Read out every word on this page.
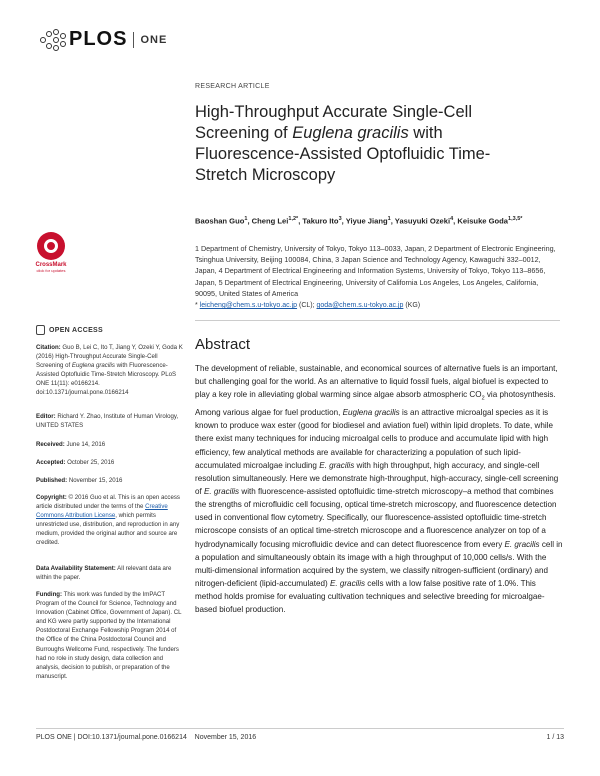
PLOS ONE
RESEARCH ARTICLE
High-Throughput Accurate Single-Cell Screening of Euglena gracilis with Fluorescence-Assisted Optofluidic Time-Stretch Microscopy
Baoshan Guo$^1$, Cheng Lei$^{1,2*}$, Takuro Ito$^3$, Yiyue Jiang$^1$, Yasuyuki Ozeki$^4$, Keisuke Goda$^{1,3,5*}$
1 Department of Chemistry, University of Tokyo, Tokyo 113–0033, Japan, 2 Department of Electronic Engineering, Tsinghua University, Beijing 100084, China, 3 Japan Science and Technology Agency, Kawaguchi 332–0012, Japan, 4 Department of Electrical Engineering and Information Systems, University of Tokyo, Tokyo 113–8656, Japan, 5 Department of Electrical Engineering, University of California Los Angeles, Los Angeles, California, 90095, United States of America
* leicheng@chem.s.u-tokyo.ac.jp (CL); goda@chem.s.u-tokyo.ac.jp (KG)
CrossMark
click for updates
OPEN ACCESS
Citation: Guo B, Lei C, Ito T, Jiang Y, Ozeki Y, Goda K (2016) High-Throughput Accurate Single-Cell Screening of Euglena gracilis with Fluorescence-Assisted Optofluidic Time-Stretch Microscopy. PLoS ONE 11(11): e0166214. doi:10.1371/journal.pone.0166214
Editor: Richard Y. Zhao, Institute of Human Virology, UNITED STATES
Received: June 14, 2016
Accepted: October 25, 2016
Published: November 15, 2016
Copyright: © 2016 Guo et al. This is an open access article distributed under the terms of the Creative Commons Attribution License, which permits unrestricted use, distribution, and reproduction in any medium, provided the original author and source are credited.
Data Availability Statement: All relevant data are within the paper.
Funding: This work was funded by the ImPACT Program of the Council for Science, Technology and Innovation (Cabinet Office, Government of Japan). CL and KG were partly supported by the International Postdoctoral Exchange Fellowship Program 2014 of the Office of the China Postdoctoral Council and Burroughs Wellcome Fund, respectively. The funders had no role in study design, data collection and analysis, decision to publish, or preparation of the manuscript.
Abstract
The development of reliable, sustainable, and economical sources of alternative fuels is an important, but challenging goal for the world. As an alternative to liquid fossil fuels, algal biofuel is expected to play a key role in alleviating global warming since algae absorb atmospheric $CO_2$ via photosynthesis. Among various algae for fuel production, Euglena gracilis is an attractive microalgal species as it is known to produce wax ester (good for biodiesel and aviation fuel) within lipid droplets. To date, while there exist many techniques for inducing microalgal cells to produce and accumulate lipid with high efficiency, few analytical methods are available for characterizing a population of such lipid-accumulated microalgae including E. gracilis with high throughput, high accuracy, and single-cell resolution simultaneously. Here we demonstrate high-throughput, high-accuracy, single-cell screening of E. gracilis with fluorescence-assisted optofluidic time-stretch microscopy–a method that combines the strengths of microfluidic cell focusing, optical time-stretch microscopy, and fluorescence detection used in conventional flow cytometry. Specifically, our fluorescence-assisted optofluidic time-stretch microscope consists of an optical time-stretch microscope and a fluorescence analyzer on top of a hydrodynamically focusing microfluidic device and can detect fluorescence from every E. gracilis cell in a population and simultaneously obtain its image with a high throughput of 10,000 cells/s. With the multi-dimensional information acquired by the system, we classify nitrogen-sufficient (ordinary) and nitrogen-deficient (lipid-accumulated) E. gracilis cells with a low false positive rate of 1.0%. This method holds promise for evaluating cultivation techniques and selective breeding for microalgae-based biofuel production.
PLOS ONE | DOI:10.1371/journal.pone.0166214    November 15, 2016	1 / 13
